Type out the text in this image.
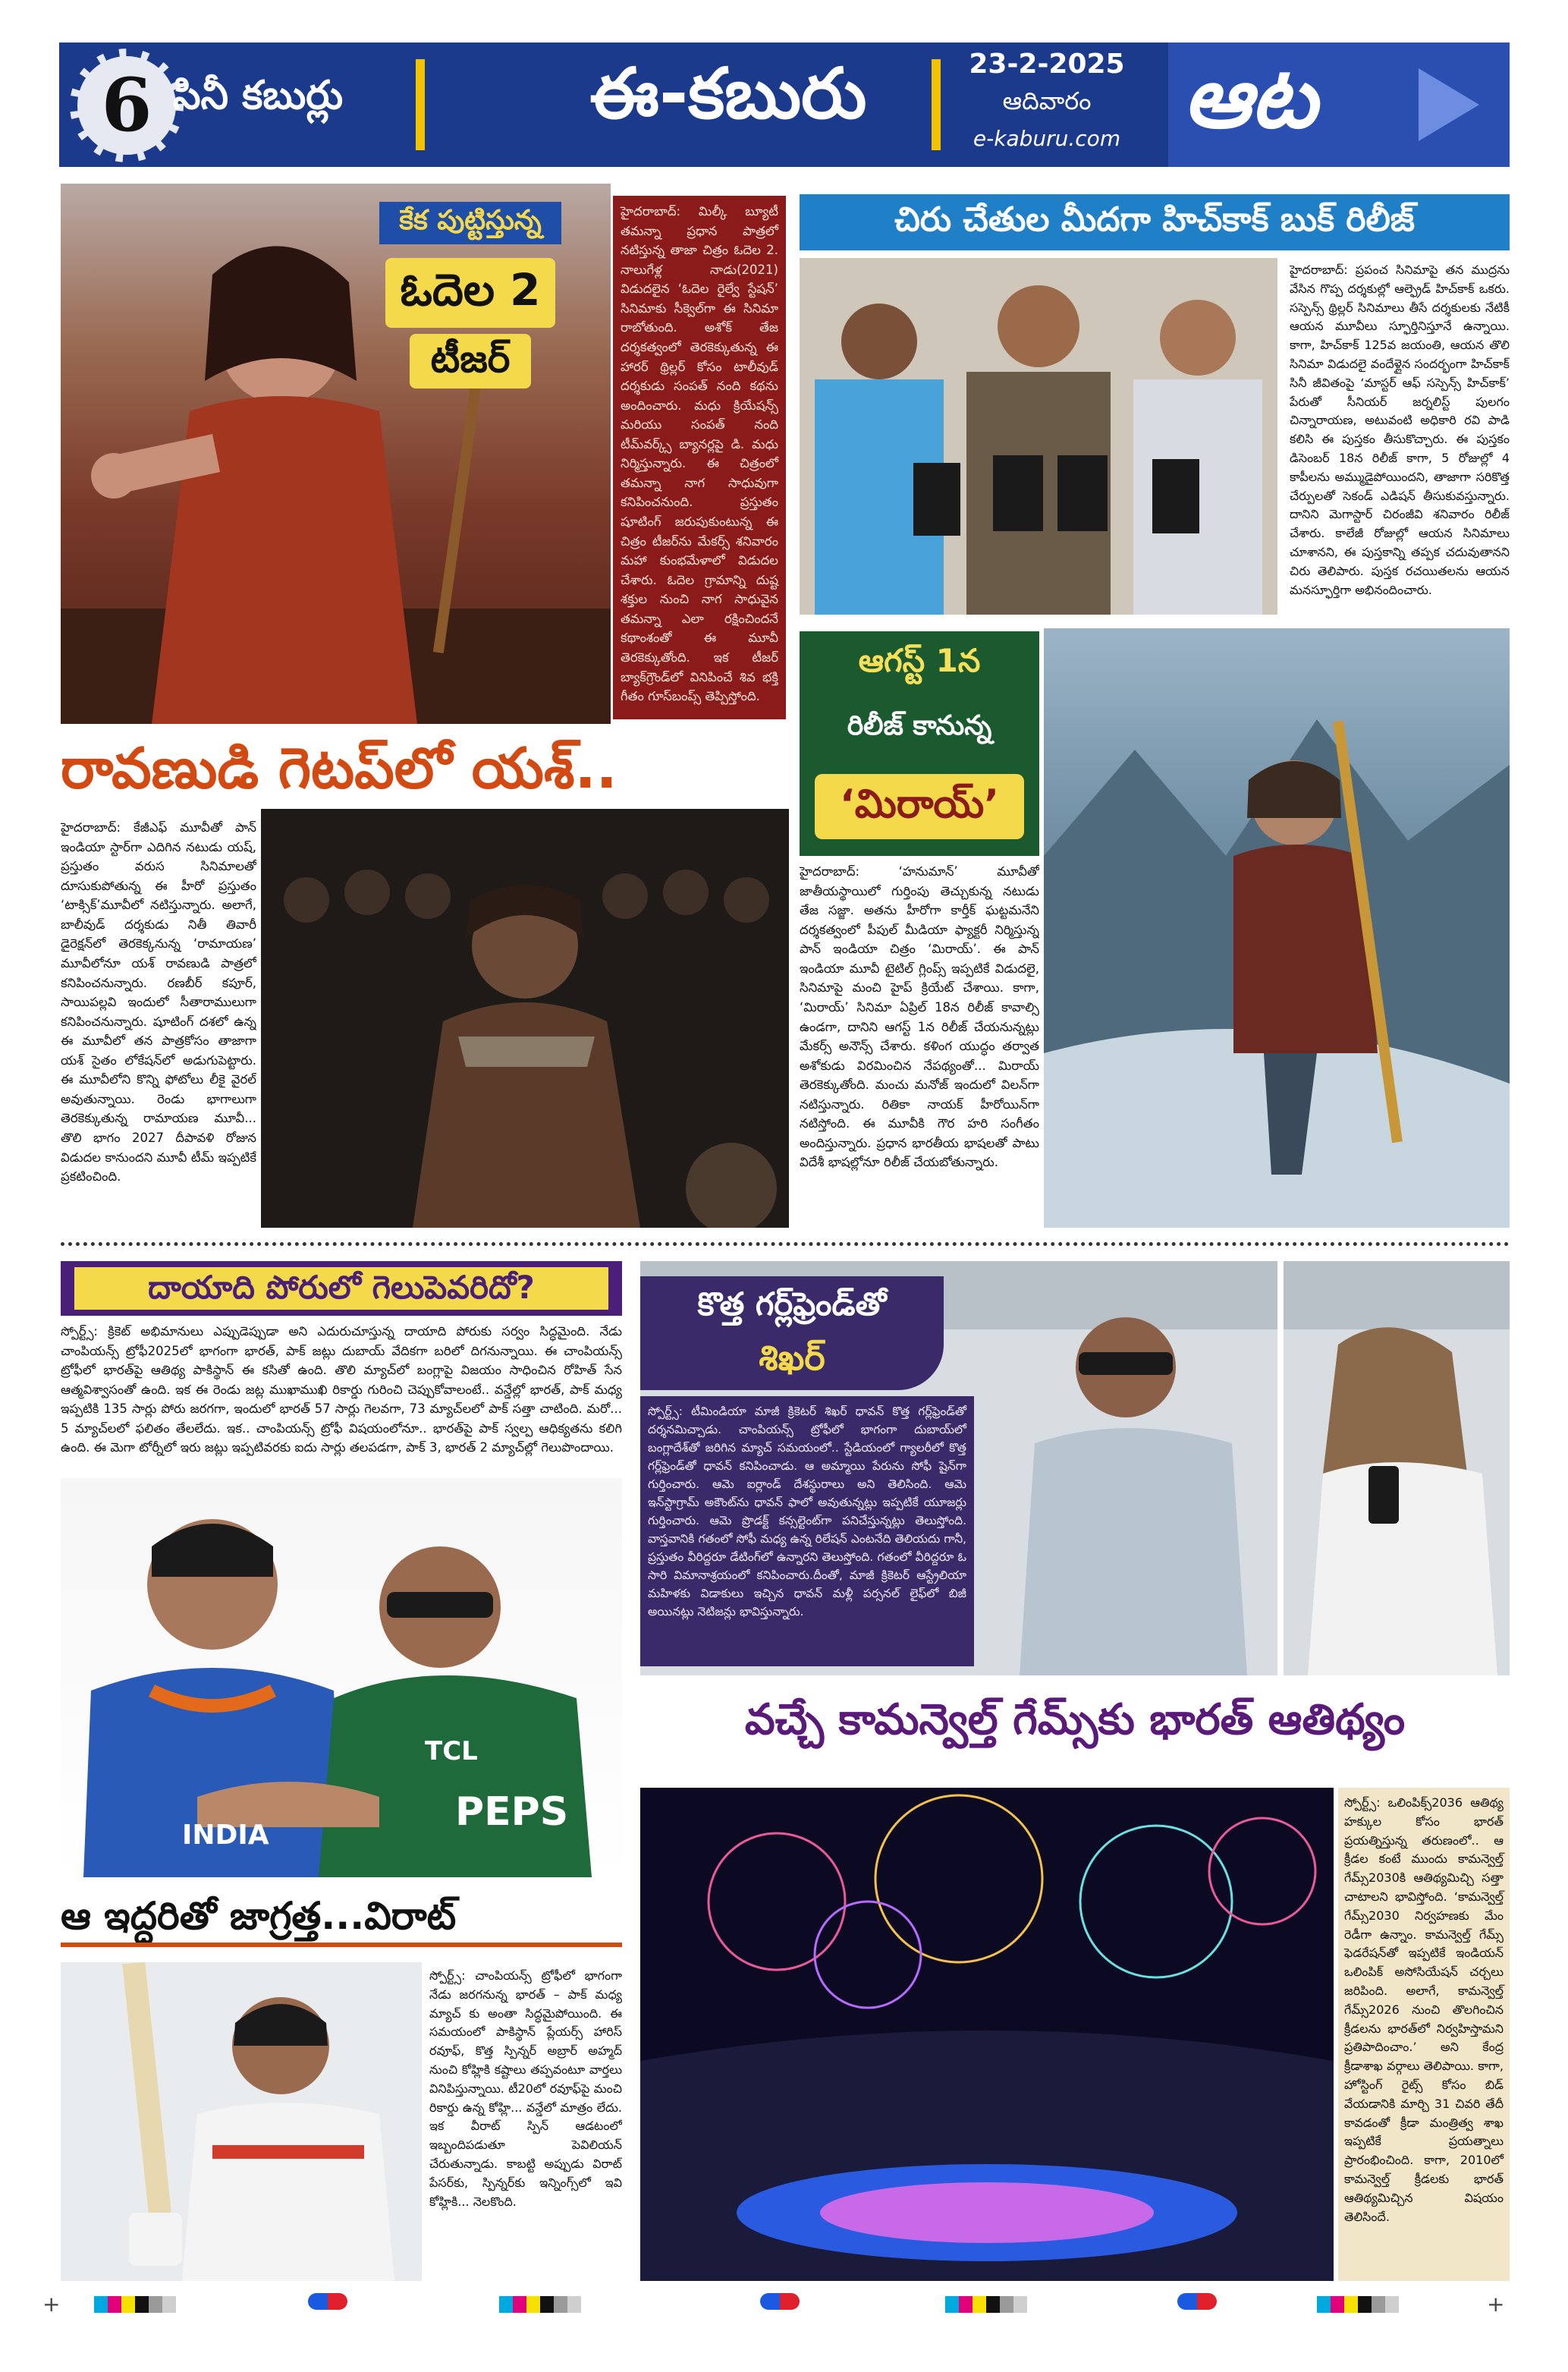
6 సినీ కబుర్లు	ఈ-కబురు	23-2-2025
ఆదివారం
e-kaburu.com ఆట
కేక పుట్టిస్తున్న
ఓదెల 2
టీజర్
హైదరాబాద్: మిల్కీ బ్యూటీ తమన్నా ప్రధాన పాత్రలో నటిస్తున్న తాజా చిత్రం ఓదెల 2. నాలుగేళ్ల నాడు(2021) విడుదలైన ‘ఓదెల రైల్వే స్టేషన్’ సినిమాకు సీక్వెల్‌గా ఈ సినిమా రాబోతుంది. అశోక్ తేజ దర్శకత్వంలో తెరకెక్కుతున్న ఈ హారర్ థ్రిల్లర్ కోసం టాలీవుడ్ దర్శకుడు సంపత్ నంది కథను అందించారు. మధు క్రియేషన్స్ మరియు సంపత్ నంది టీమ్‌వర్క్స్ బ్యానర్లపై డి. మధు నిర్మిస్తున్నారు. ఈ చిత్రంలో తమన్నా నాగ సాధువుగా కనిపించనుంది. ప్రస్తుతం షూటింగ్ జరుపుకుంటున్న ఈ చిత్రం టీజర్‌ను మేకర్స్ శనివారం మహా కుంభమేళాలో విడుదల చేశారు. ఓదెల గ్రామాన్ని దుష్ట శక్తుల నుంచి నాగ సాధువైన తమన్నా ఎలా రక్షించిందనే కథాంశంతో ఈ మూవీ తెరకెక్కుతోంది. ఇక టీజర్ బ్యాక్‌గ్రౌండ్‌లో వినిపించే శివ భక్తి గీతం గూస్‌బంప్స్ తెప్పిస్తోంది.
చిరు చేతుల మీదగా హిచ్‌కాక్ బుక్ రిలీజ్
హైదరాబాద్: ప్రపంచ సినిమాపై తన ముద్రను వేసిన గొప్ప దర్శకుల్లో ఆల్ఫ్రెడ్ హిచ్‌కాక్ ఒకరు. సస్పెన్స్ థ్రిల్లర్ సినిమాలు తీసే దర్శకులకు నేటికీ ఆయన మూవీలు స్ఫూర్తినిస్తూనే ఉన్నాయి. కాగా, హిచ్‌కాక్ 125వ జయంతి, ఆయన తొలి సినిమా విడుదలై వందేళ్లైన సందర్భంగా హిచ్‌కాక్ సినీ జీవితంపై ‘మాస్టర్ ఆఫ్ సస్పెన్స్ హిచ్‌కాక్’ పేరుతో సీనియర్ జర్నలిస్ట్ పులగం చిన్నారాయణ, అటువంటి అధికారి రవి పాడి కలిసి ఈ పుస్తకం తీసుకొచ్చారు. ఈ పుస్తకం డిసెంబర్ 18న రిలీజ్ కాగా, 5 రోజుల్లో 4 కాపీలను అమ్ముడైపోయిందని, తాజాగా సరికొత్త చేర్పులతో సెకండ్ ఎడిషన్ తీసుకువస్తున్నారు. దానిని మెగాస్టార్ చిరంజీవి శనివారం రిలీజ్ చేశారు. కాలేజీ రోజుల్లో ఆయన సినిమాలు చూశానని, ఈ పుస్తకాన్ని తప్పక చదువుతానని చిరు తెలిపారు. పుస్తక రచయితలను ఆయన మనస్ఫూర్తిగా అభినందించారు.
రావణుడి గెటప్‌లో యశ్..
హైదరాబాద్: కేజీఎఫ్ మూవీతో పాన్ ఇండియా స్టార్‌గా ఎదిగిన నటుడు యష్, ప్రస్తుతం వరుస సినిమాలతో దూసుకుపోతున్న ఈ హీరో ప్రస్తుతం ‘టాక్సిక్’మూవీలో నటిస్తున్నారు. అలాగే, బాలీవుడ్ దర్శకుడు నితీ తివారీ డైరెక్షన్‌లో తెరకెక్కనున్న ‘రామాయణ’ మూవీలోనూ యశ్ రావణుడి పాత్రలో కనిపించనున్నారు. రణబీర్ కపూర్, సాయిపల్లవి ఇందులో సీతారాములుగా కనిపించనున్నారు. షూటింగ్ దశలో ఉన్న ఈ మూవీలో తన పాత్రకోసం తాజాగా యశ్ సైతం లోకేషన్‌లో అడుగుపెట్టారు. ఈ మూవీలోని కొన్ని ఫోటోలు లీకై వైరల్ అవుతున్నాయి. రెండు భాగాలుగా తెరకెక్కుతున్న రామాయణ మూవీ... తొలి భాగం 2027 దీపావళి రోజున విడుదల కానుందని మూవీ టీమ్ ఇప్పటికే ప్రకటించింది.
ఆగస్ట్ 1న
రిలీజ్ కానున్న
‘మిరాయ్’
హైదరాబాద్: ‘హనుమాన్’ మూవీతో జాతీయస్థాయిలో గుర్తింపు తెచ్చుకున్న నటుడు తేజ సజ్జా. అతను హీరోగా కార్తీక్ ఘట్టమనేని దర్శకత్వంలో పీపుల్ మీడియా ఫ్యాక్టరీ నిర్మిస్తున్న పాన్ ఇండియా చిత్రం ‘మిరాయ్’. ఈ పాన్ ఇండియా మూవీ టైటిల్ గ్లింప్స్ ఇప్పటికే విడుదలై, సినిమాపై మంచి హైప్ క్రియేట్ చేశాయి. కాగా, ‘మిరాయ్’ సినిమా ఏప్రిల్ 18న రిలీజ్ కావాల్సి ఉండగా, దానిని ఆగస్ట్ 1న రిలీజ్ చేయనున్నట్లు మేకర్స్ అనౌన్స్ చేశారు. కళింగ యుద్ధం తర్వాత అశోకుడు విరమించిన నేపథ్యంతో... మిరాయ్ తెరకెక్కుతోంది. మంచు మనోజ్ ఇందులో విలన్‌గా నటిస్తున్నారు. రితికా నాయక్ హీరోయిన్‌గా నటిస్తోంది. ఈ మూవీకి గౌర హరి సంగీతం అందిస్తున్నారు. ప్రధాన భారతీయ భాషలతో పాటు విదేశీ భాషల్లోనూ రిలీజ్ చేయబోతున్నారు.
దాయాది పోరులో గెలుపెవరిదో?
స్పోర్ట్స్: క్రికెట్ అభిమానులు ఎప్పుడెప్పుడా అని ఎదురుచూస్తున్న దాయాది పోరుకు సర్వం సిద్ధమైంది. నేడు చాంపియన్స్ ట్రోఫీ2025లో భాగంగా భారత్, పాక్ జట్లు దుబాయ్ వేదికగా బరిలో దిగనున్నాయి. ఈ చాంపియన్స్ ట్రోఫీలో భారత్‌పై ఆతిథ్య పాకిస్థాన్ ఈ కసితో ఉంది. తొలి మ్యాచ్‌లో బంగ్లాపై విజయం సాధించిన రోహిత్ సేన ఆత్మవిశ్వాసంతో ఉంది. ఇక ఈ రెండు జట్ల ముఖాముఖి రికార్డు గురించి చెప్పుకోవాలంటే.. వన్డేల్లో భారత్, పాక్ మధ్య ఇప్పటికి 135 సార్లు పోరు జరగగా, ఇందులో భారత్ 57 సార్లు గెలవగా, 73 మ్యాచ్‌లలో పాక్ సత్తా చాటింది. మరో... 5 మ్యాచ్‌లలో ఫలితం తేలలేదు. ఇక.. చాంపియన్స్ ట్రోఫీ విషయంలోనూ.. భారత్‌పై పాక్ స్వల్ప ఆధిక్యతను కలిగి ఉంది. ఈ మెగా టోర్నీలో ఇరు జట్లు ఇప్పటివరకు ఐదు సార్లు తలపడగా, పాక్ 3, భారత్ 2 మ్యాచ్‌ల్లో గెలుపొందాయి.
INDIA
TCL
PEPS
కొత్త గర్ల్‌ఫ్రెండ్‌తో
శిఖర్
స్పోర్ట్స్: టీమిండియా మాజీ క్రికెటర్ శిఖర్ ధావన్ కొత్త గర్ల్‌ఫ్రెండ్‌తో దర్శనమిచ్చాడు. చాంపియన్స్ ట్రోఫీలో భాగంగా దుబాయ్‌లో బంగ్లాదేశ్‌తో జరిగిన మ్యాచ్ సమయంలో.. స్టేడియంలో గ్యాలరీలో కొత్త గర్ల్‌ఫ్రెండ్‌తో ధావన్ కనిపించాడు. ఆ అమ్మాయి పేరును సోఫీ షైన్‌గా గుర్తించారు. ఆమె ఐర్లాండ్ దేశస్థురాలు అని తెలిసింది. ఆమె ఇన్‌స్టాగ్రామ్ అకౌంట్‌ను ధావన్ ఫాలో అవుతున్నట్లు ఇప్పటికే యూజర్లు గుర్తించారు. ఆమె ప్రొడక్ట్ కన్సల్టెంట్‌గా పనిచేస్తున్నట్లు తెలుస్తోంది. వాస్తవానికి గతంలో సోఫీ మధ్య ఉన్న రిలేషన్ ఎంటనేది తెలియదు గానీ, ప్రస్తుతం వీరిద్దరూ డేటింగ్‌లో ఉన్నారని తెలుస్తోంది. గతంలో వీరిద్దరూ ఓ సారి విమానాశ్రయంలో కనిపించారు.దీంతో, మాజీ క్రికెటర్ ఆస్ట్రేలియా మహిళకు విడాకులు ఇచ్చిన ధావన్ మళ్లీ పర్సనల్ లైఫ్‌లో బిజీ అయినట్లు నెటిజన్లు భావిస్తున్నారు.
వచ్చే కామన్వెల్త్ గేమ్స్‌కు భారత్ ఆతిథ్యం
స్పోర్ట్స్: ఒలింపిక్స్2036 ఆతిథ్య హక్కుల కోసం భారత్ ప్రయత్నిస్తున్న తరుణంలో.. ఆ క్రీడల కంటే ముందు కామన్వెల్త్ గేమ్స్2030కి ఆతిథ్యమిచ్చి సత్తా చాటాలని భావిస్తోంది. ‘కామన్వెల్త్ గేమ్స్2030 నిర్వహణకు మేం రెడీగా ఉన్నాం. కామన్వెల్త్ గేమ్స్ ఫెడరేషన్‌తో ఇప్పటికే ఇండియన్ ఒలింపిక్ అసోసియేషన్ చర్చలు జరిపింది. అలాగే, కామన్వెల్త్ గేమ్స్2026 నుంచి తొలగించిన క్రీడలను భారత్‌లో నిర్వహిస్తామని ప్రతిపాదించాం.’ అని కేంద్ర క్రీడాశాఖ వర్గాలు తెలిపాయి. కాగా, హోస్టింగ్ రైట్స్ కోసం బిడ్ వేయడానికి మార్చి 31 చివరి తేదీ కావడంతో క్రీడా మంత్రిత్వ శాఖ ఇప్పటికే ప్రయత్నాలు ప్రారంభించింది. కాగా, 2010లో కామన్వెల్త్ క్రీడలకు భారత్ ఆతిథ్యమిచ్చిన విషయం తెలిసిందే.
ఆ ఇద్దరితో జాగ్రత్త...విరాట్
స్పోర్ట్స్: చాంపియన్స్ ట్రోఫీలో భాగంగా నేడు జరగనున్న భారత్ – పాక్ మధ్య మ్యాచ్ కు అంతా సిద్ధమైపోయింది. ఈ సమయంలో పాకిస్థాన్ ప్లేయర్స్ హారిస్ రవూఫ్, కొత్త స్పిన్నర్ అబ్రార్ అహ్మద్ నుంచి కోహ్లికి కష్టాలు తప్పవంటూ వార్తలు వినిపిస్తున్నాయి. టీ20లో రవూఫ్‌పై మంచి రికార్డు ఉన్న కోహ్లి... వన్డేలో మాత్రం లేదు. ఇక వీరాట్ స్పిన్ ఆడటంలో ఇబ్బందిపడుతూ పెవిలియన్ చేరుతున్నాడు. కాబట్టి అప్పుడు విరాట్ పేసర్‌కు, స్పిన్నర్‌కు ఇన్నింగ్స్‌లో ఇవి కోహ్లికి... నెలకొంది.
+	+
